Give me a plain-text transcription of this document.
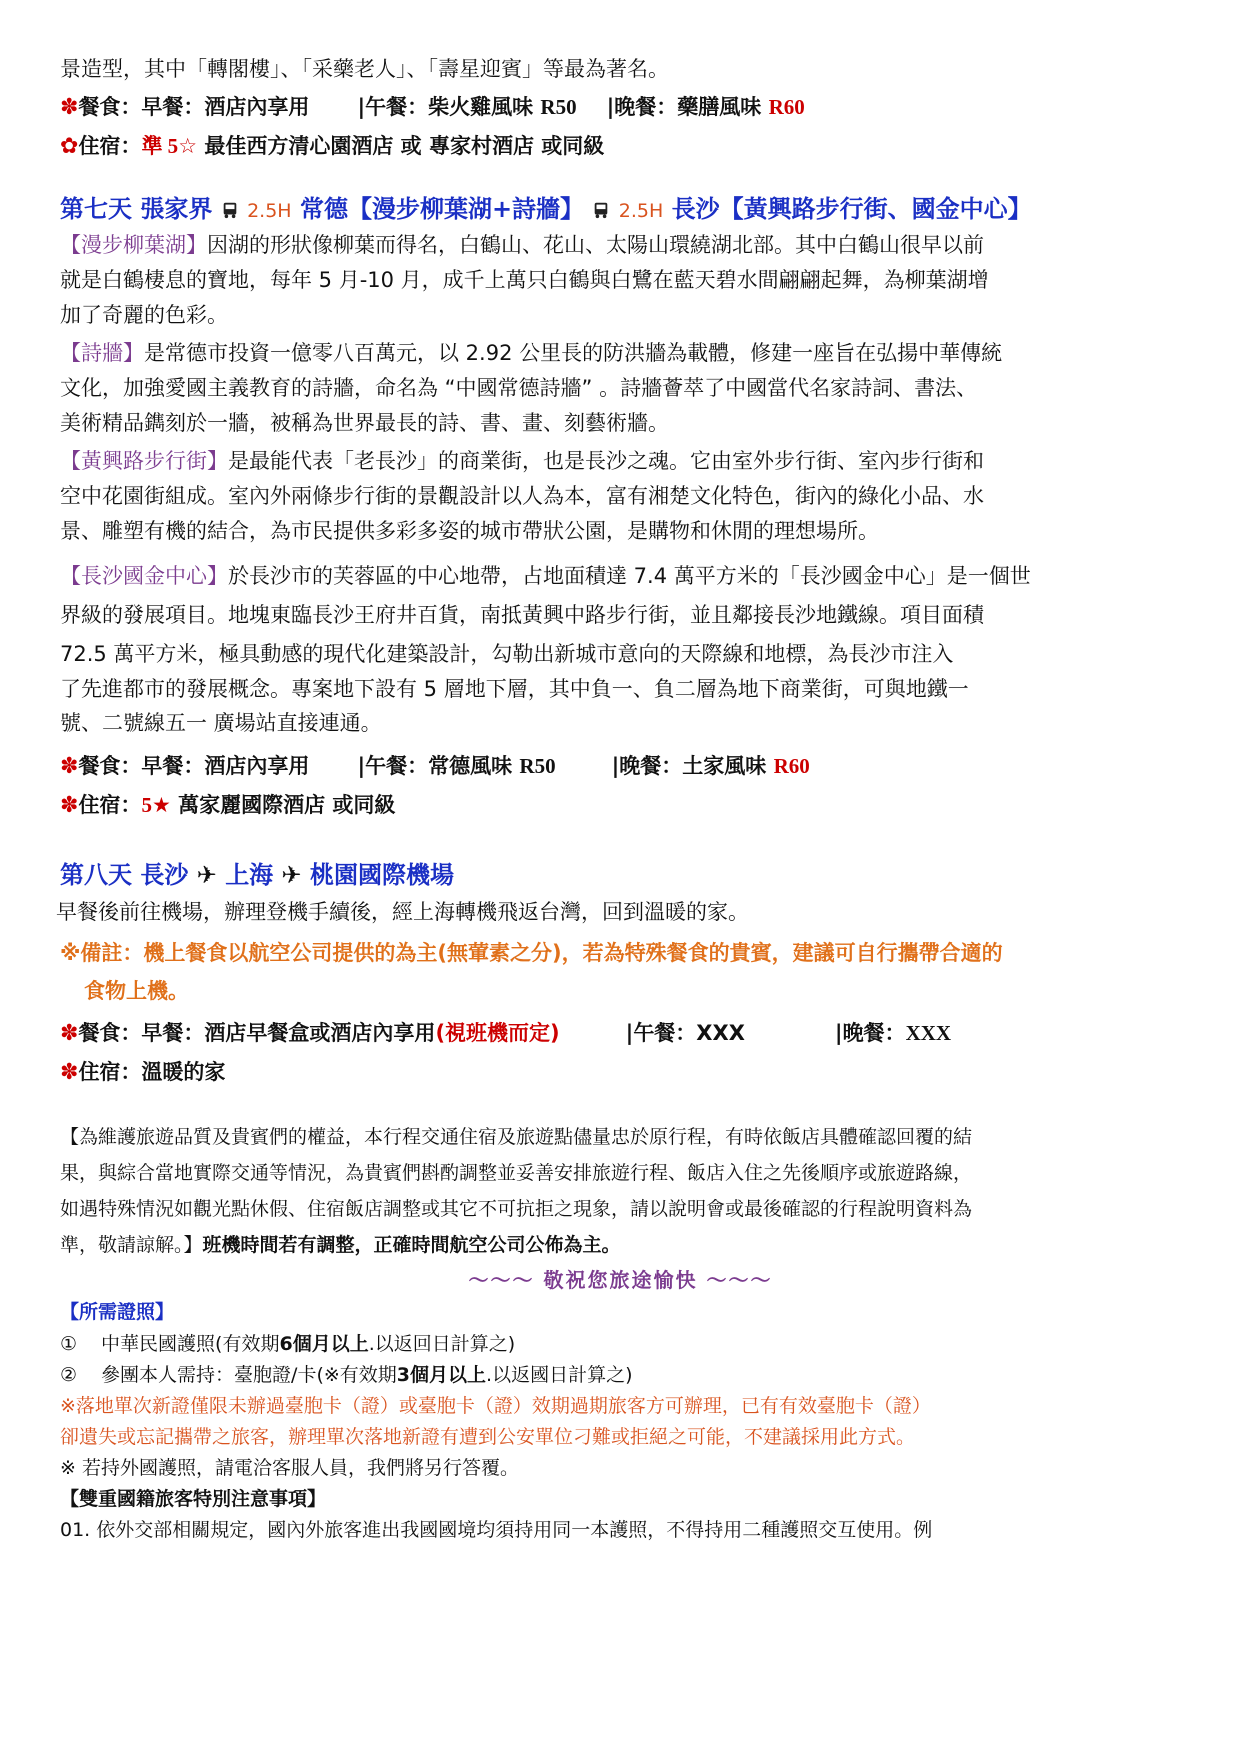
景造型，其中「轉閣樓」、「采藥老人」、「壽星迎賓」等最為著名。
✽餐食：早餐：酒店內享用 |午餐：柴火雞風味 R50 |晚餐：藥膳風味 R60
✿住宿：準 5☆ 最佳西方清心園酒店 或 專家村酒店 或同級
第七天 張家界 2.5H 常德【漫步柳葉湖+詩牆】 2.5H 長沙【黃興路步行街、國金中心】
【漫步柳葉湖】因湖的形狀像柳葉而得名，白鶴山、花山、太陽山環繞湖北部。其中白鶴山很早以前
就是白鶴棲息的寶地，每年 5 月-10 月，成千上萬只白鶴與白鷺在藍天碧水間翩翩起舞，為柳葉湖增
加了奇麗的色彩。
【詩牆】是常德市投資一億零八百萬元，以 2.92 公里長的防洪牆為載體，修建一座旨在弘揚中華傳統
文化，加強愛國主義教育的詩牆，命名為 “中國常德詩牆” 。詩牆薈萃了中國當代名家詩詞、書法、
美術精品鐫刻於一牆，被稱為世界最長的詩、書、畫、刻藝術牆。
【黃興路步行街】是最能代表「老長沙」的商業街，也是長沙之魂。它由室外步行街、室內步行街和
空中花園街組成。室內外兩條步行街的景觀設計以人為本，富有湘楚文化特色，街內的綠化小品、水
景、雕塑有機的結合，為市民提供多彩多姿的城市帶狀公園，是購物和休閒的理想場所。
【長沙國金中心】於長沙市的芙蓉區的中心地帶，占地面積達 7.4 萬平方米的「長沙國金中心」是一個世
界級的發展項目。地塊東臨長沙王府井百貨，南抵黃興中路步行街，並且鄰接長沙地鐵線。項目面積
72.5 萬平方米，極具動感的現代化建築設計，勾勒出新城市意向的天際線和地標，為長沙市注入
了先進都市的發展概念。專案地下設有 5 層地下層，其中負一、負二層為地下商業街，可與地鐵一
號、二號線五一 廣場站直接連通。
✽餐食：早餐：酒店內享用 |午餐：常德風味 R50	|晚餐：土家風味 R60
✽住宿：5★ 萬家麗國際酒店 或同級
第八天 長沙 ✈ 上海 ✈ 桃園國際機場
早餐後前往機場，辦理登機手續後，經上海轉機飛返台灣，回到溫暖的家。
※備註：機上餐食以航空公司提供的為主(無葷素之分)，若為特殊餐食的貴賓，建議可自行攜帶合適的
食物上機。
✽餐食：早餐：酒店早餐盒或酒店內享用(視班機而定)	|午餐：XXX	|晚餐：XXX
✽住宿：溫暖的家
【為維護旅遊品質及貴賓們的權益，本行程交通住宿及旅遊點儘量忠於原行程，有時依飯店具體確認回覆的結
果，與綜合當地實際交通等情況，為貴賓們斟酌調整並妥善安排旅遊行程、飯店入住之先後順序或旅遊路線，
如遇特殊情況如觀光點休假、住宿飯店調整或其它不可抗拒之現象，請以說明會或最後確認的行程說明資料為
準，敬請諒解。】班機時間若有調整，正確時間航空公司公佈為主。
～～～ 敬祝您旅途愉快 ～～～
【所需證照】
① 中華民國護照(有效期6個月以上.以返回日計算之)
② 參團本人需持：臺胞證/卡(※有效期3個月以上.以返國日計算之)
※落地單次新證僅限未辦過臺胞卡（證）或臺胞卡（證）效期過期旅客方可辦理，已有有效臺胞卡（證）
卻遺失或忘記攜帶之旅客，辦理單次落地新證有遭到公安單位刁難或拒絕之可能，不建議採用此方式。
※ 若持外國護照，請電洽客服人員，我們將另行答覆。
【雙重國籍旅客特別注意事項】
01. 依外交部相關規定，國內外旅客進出我國國境均須持用同一本護照，不得持用二種護照交互使用。例
